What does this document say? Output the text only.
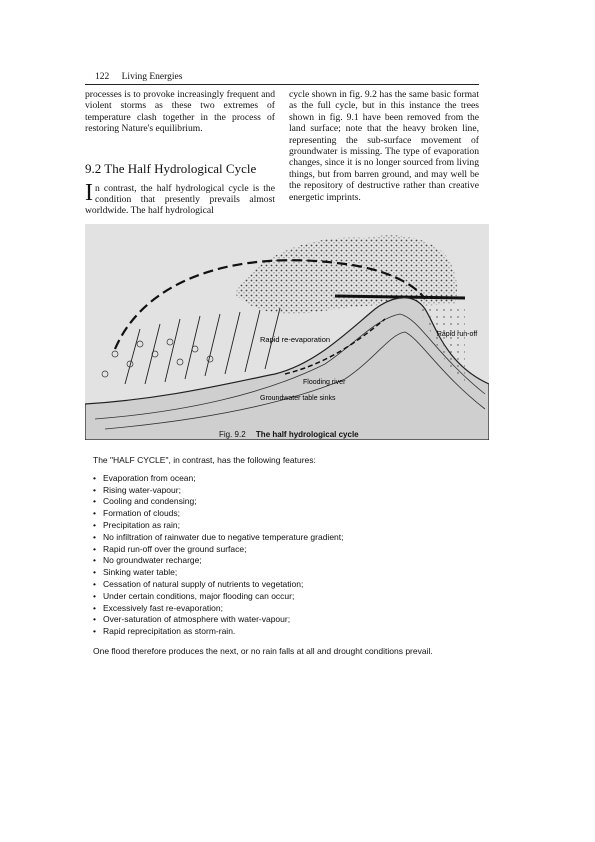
122 Living Energies

processes is to provoke increasingly frequent and violent storms as these two extremes of temperature clash together in the process of restoring Nature's equilibrium.

9.2 The Half Hydrological Cycle

In contrast, the half hydrological cycle is the condition that presently prevails almost worldwide. The half hydrological

cycle shown in fig. 9.2 has the same basic format as the full cycle, but in this instance the trees shown in fig. 9.1 have been removed from the land surface; note that the heavy broken line, representing the sub-surface movement of groundwater is missing. The type of evaporation changes, since it is no longer sourced from living things, but from barren ground, and may well be the repository of destructive rather than creative energetic imprints.

Rapid re-evaporation
Rapid run-off
Flooding river
Groundwater table sinks
Fig. 9.2 The half hydrological cycle

The "HALF CYCLE", in contrast, has the following features:

• Evaporation from ocean;
• Rising water-vapour;
• Cooling and condensing;
• Formation of clouds;
• Precipitation as rain;
• No infiltration of rainwater due to negative temperature gradient;
• Rapid run-off over the ground surface;
• No groundwater recharge;
• Sinking water table;
• Cessation of natural supply of nutrients to vegetation;
• Under certain conditions, major flooding can occur;
• Excessively fast re-evaporation;
• Over-saturation of atmosphere with water-vapour;
• Rapid reprecipitation as storm-rain.

One flood therefore produces the next, or no rain falls at all and drought conditions prevail.
